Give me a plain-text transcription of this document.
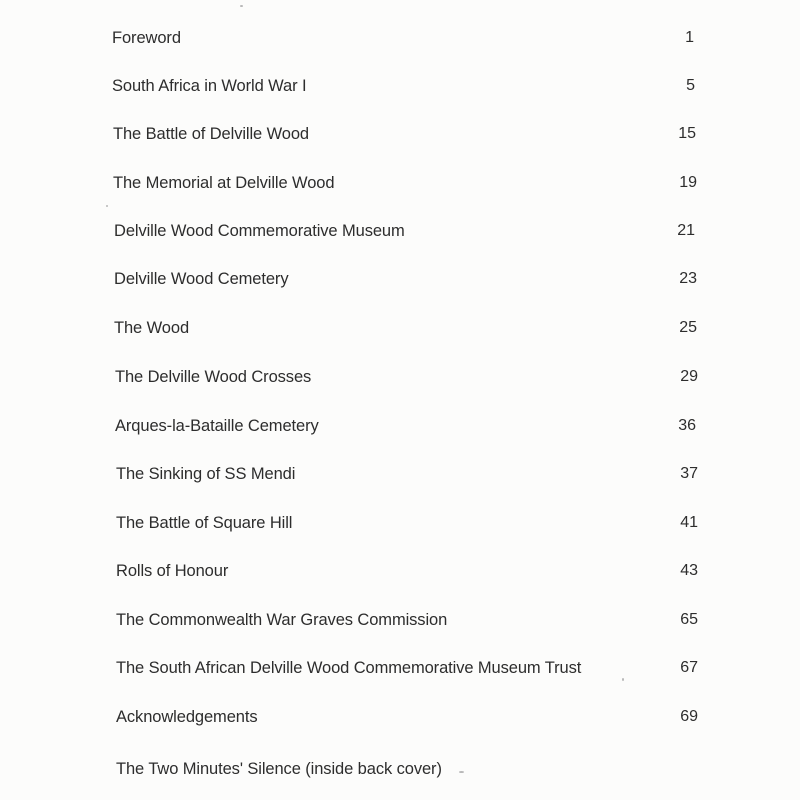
Foreword	1
South Africa in World War I	5
The Battle of Delville Wood	15
The Memorial at Delville Wood	19
Delville Wood Commemorative Museum	21
Delville Wood Cemetery	23
The Wood	25
The Delville Wood Crosses	29
Arques-la-Bataille Cemetery	36
The Sinking of SS Mendi	37
The Battle of Square Hill	41
Rolls of Honour	43
The Commonwealth War Graves Commission	65
The South African Delville Wood Commemorative Museum Trust	67
Acknowledgements	69
The Two Minutes' Silence (inside back cover)
